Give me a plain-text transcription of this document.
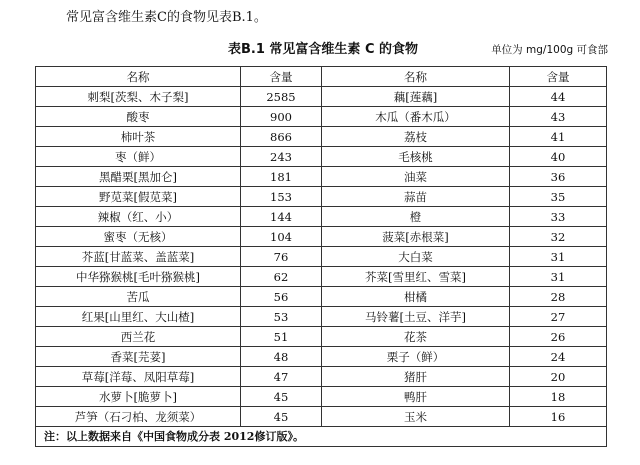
常见富含维生素C的食物见表B.1。
表B.1 常见富含维生素 C 的食物	单位为 mg/100g 可食部
名称	含量	名称	含量
刺梨[茨梨、木子梨]	2585	藕[莲藕]	44
酸枣	900	木瓜（番木瓜）	43
柿叶茶	866	荔枝	41
枣（鲜）	243	毛核桃	40
黑醋栗[黑加仑]	181	油菜	36
野苋菜[假苋菜]	153	蒜苗	35
辣椒（红、小）	144	橙	33
蜜枣（无核）	104	菠菜[赤根菜]	32
芥蓝[甘蓝菜、盖蓝菜]	76	大白菜	31
中华猕猴桃[毛叶猕猴桃]	62	芥菜[雪里红、雪菜]	31
苦瓜	56	柑橘	28
红果[山里红、大山楂]	53	马铃薯[土豆、洋芋]	27
西兰花	51	花茶	26
香菜[芫荽]	48	栗子（鲜）	24
草莓[洋莓、凤阳草莓]	47	猪肝	20
水萝卜[脆萝卜]	45	鸭肝	18
芦笋（石刁柏、龙须菜）	45	玉米	16
注：以上数据来自《中国食物成分表 2012修订版》。			
